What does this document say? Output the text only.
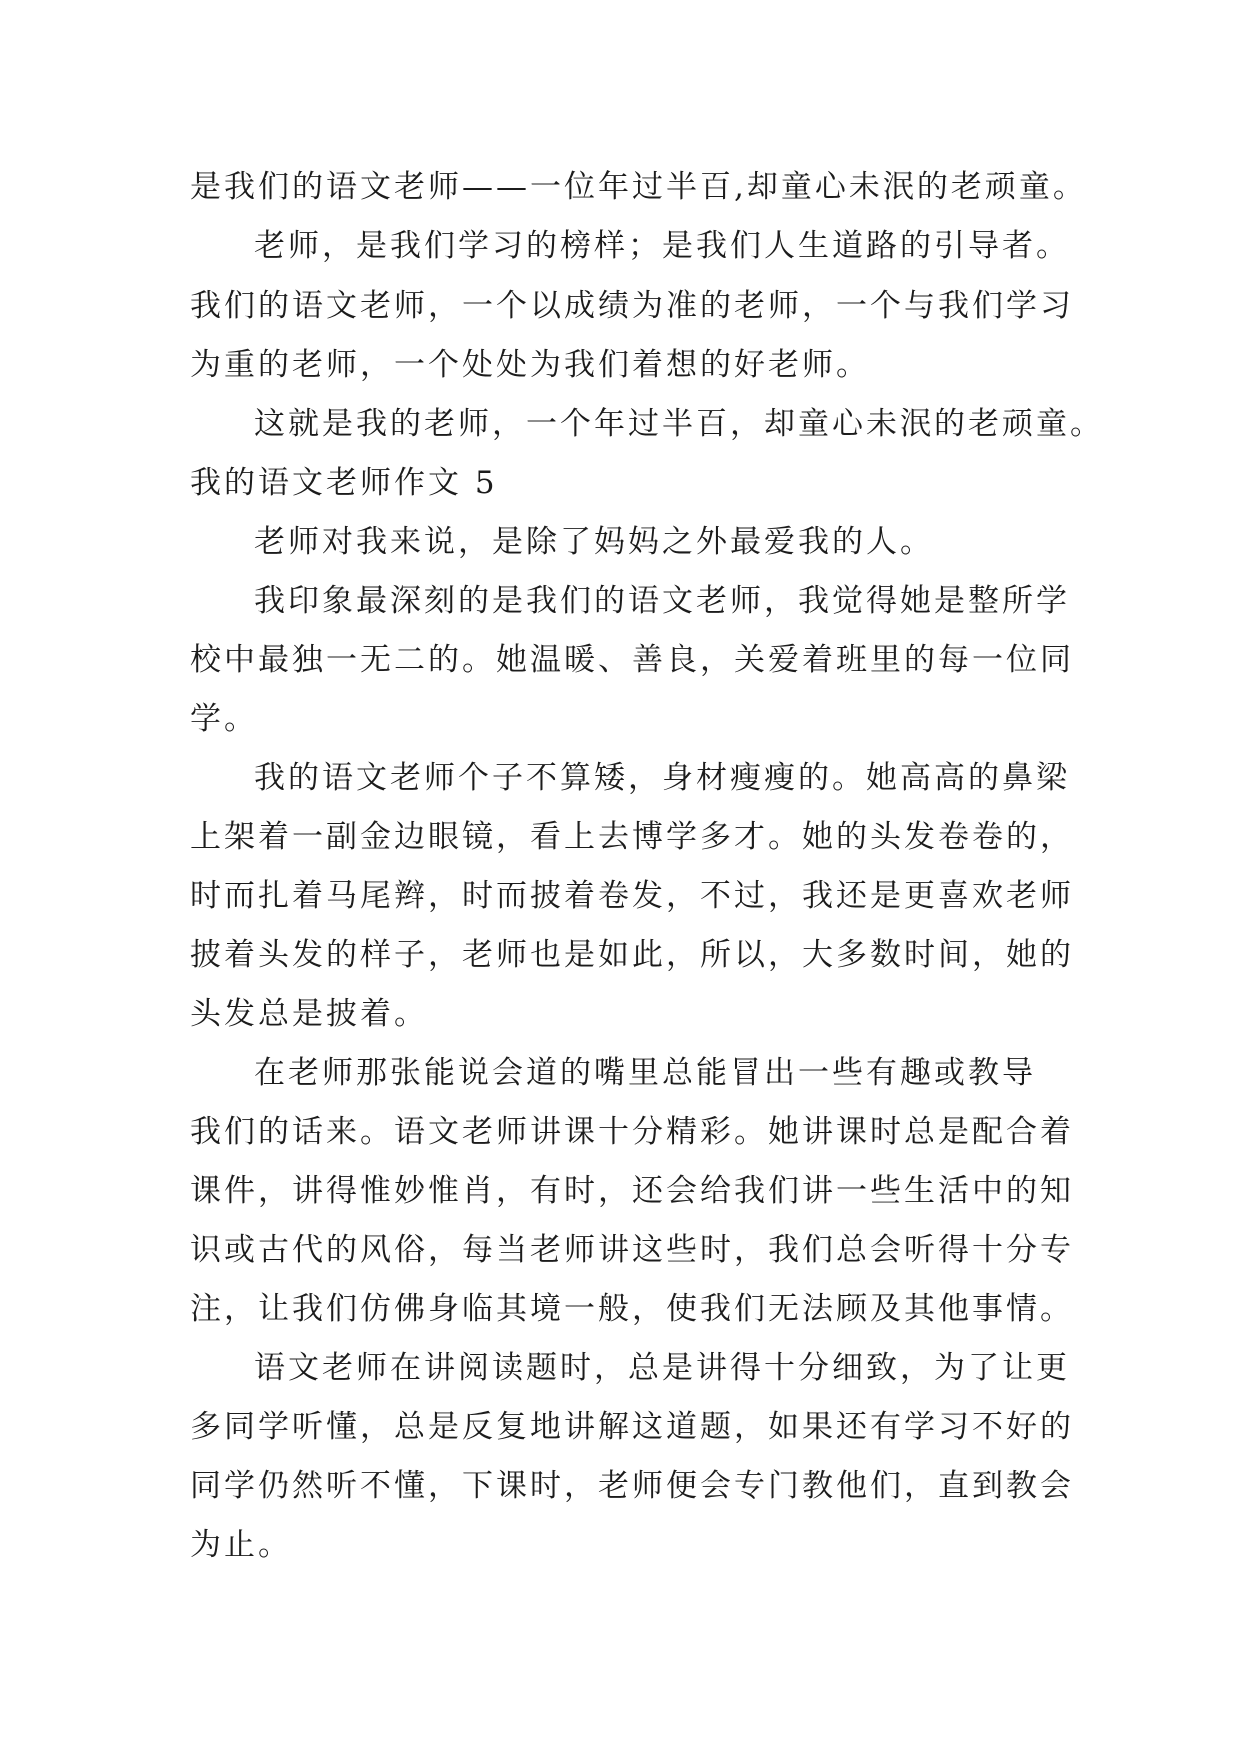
是我们的语文老师——一位年过半百,却童心未泯的老顽童。
老师，是我们学习的榜样；是我们人生道路的引导者。
我们的语文老师，一个以成绩为准的老师，一个与我们学习
为重的老师，一个处处为我们着想的好老师。
这就是我的老师，一个年过半百，却童心未泯的老顽童。
我的语文老师作文 5
老师对我来说，是除了妈妈之外最爱我的人。
我印象最深刻的是我们的语文老师，我觉得她是整所学
校中最独一无二的。她温暖、善良，关爱着班里的每一位同
学。
我的语文老师个子不算矮，身材瘦瘦的。她高高的鼻梁
上架着一副金边眼镜，看上去博学多才。她的头发卷卷的，
时而扎着马尾辫，时而披着卷发，不过，我还是更喜欢老师
披着头发的样子，老师也是如此，所以，大多数时间，她的
头发总是披着。
在老师那张能说会道的嘴里总能冒出一些有趣或教导
我们的话来。语文老师讲课十分精彩。她讲课时总是配合着
课件，讲得惟妙惟肖，有时，还会给我们讲一些生活中的知
识或古代的风俗，每当老师讲这些时，我们总会听得十分专
注，让我们仿佛身临其境一般，使我们无法顾及其他事情。
语文老师在讲阅读题时，总是讲得十分细致，为了让更
多同学听懂，总是反复地讲解这道题，如果还有学习不好的
同学仍然听不懂，下课时，老师便会专门教他们，直到教会
为止。
